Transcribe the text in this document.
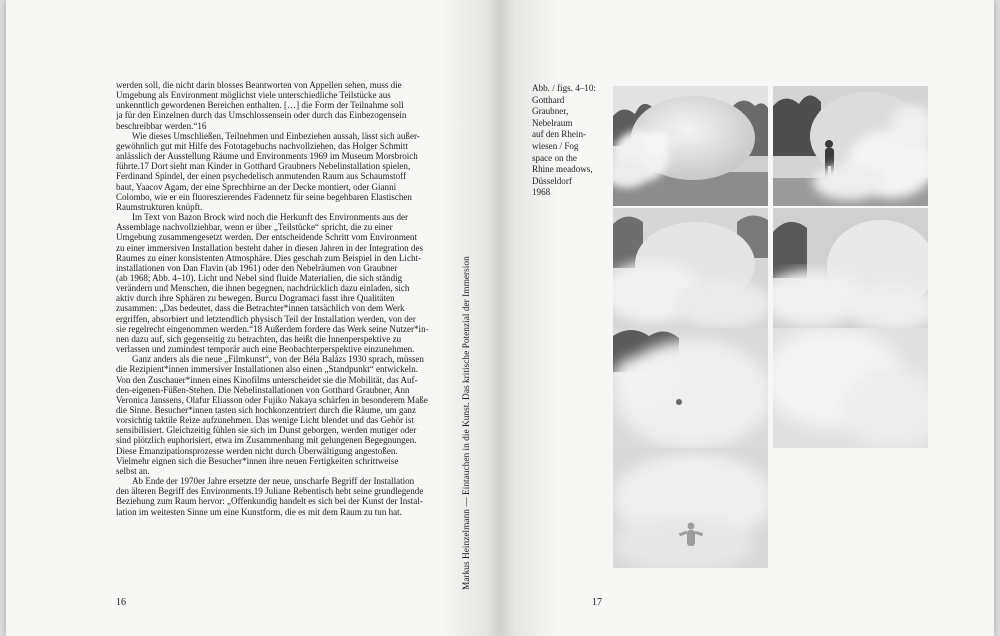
werden soll, die nicht darin blosses Beantworten von Appellen sehen, muss die
Umgebung als Environment möglichst viele unterschiedliche Teilstücke aus
unkenntlich gewordenen Bereichen enthalten. […] die Form der Teilnahme soll
ja für den Einzelnen durch das Umschlossensein oder durch das Einbezogensein
beschreibbar werden.“16
Wie dieses Umschließen, Teilnehmen und Einbeziehen aussah, lässt sich außer-
gewöhnlich gut mit Hilfe des Fototagebuchs nachvollziehen, das Holger Schmitt
anlässlich der Ausstellung Räume und Environments 1969 im Museum Morsbroich
führte.17 Dort sieht man Kinder in Gotthard Graubners Nebelinstallation spielen,
Ferdinand Spindel, der einen psychedelisch anmutenden Raum aus Schaumstoff
baut, Yaacov Agam, der eine Sprechbirne an der Decke montiert, oder Gianni
Colombo, wie er ein fluoreszierendes Fadennetz für seine begehbaren Elastischen
Raumstrukturen knüpft.
Im Text von Bazon Brock wird noch die Herkunft des Environments aus der
Assemblage nachvollziehbar, wenn er über „Teilstücke“ spricht, die zu einer
Umgebung zusammengesetzt werden. Der entscheidende Schritt vom Environment
zu einer immersiven Installation besteht daher in diesen Jahren in der Integration des
Raumes zu einer konsistenten Atmosphäre. Dies geschah zum Beispiel in den Licht-
installationen von Dan Flavin (ab 1961) oder den Nebelräumen von Graubner
(ab 1968; Abb. 4–10). Licht und Nebel sind fluide Materialien, die sich ständig
verändern und Menschen, die ihnen begegnen, nachdrücklich dazu einladen, sich
aktiv durch ihre Sphären zu bewegen. Burcu Dogramaci fasst ihre Qualitäten
zusammen: „Das bedeutet, dass die Betrachter*innen tatsächlich von dem Werk
ergriffen, absorbiert und letztendlich physisch Teil der Installation werden, von der
sie regelrecht eingenommen werden.“18 Außerdem fordere das Werk seine Nutzer*in-
nen dazu auf, sich gegenseitig zu betrachten, das heißt die Innenperspektive zu
verlassen und zumindest temporär auch eine Beobachterperspektive einzunehmen.
Ganz anders als die neue „Filmkunst“, von der Béla Balázs 1930 sprach, müssen
die Rezipient*innen immersiver Installationen also einen „Standpunkt“ entwickeln.
Von den Zuschauer*innen eines Kinofilms unterscheidet sie die Mobilität, das Auf-
den-eigenen-Füßen-Stehen. Die Nebelinstallationen von Gotthard Graubner, Ann
Veronica Janssens, Olafur Eliasson oder Fujiko Nakaya schärfen in besonderem Maße
die Sinne. Besucher*innen tasten sich hochkonzentriert durch die Räume, um ganz
vorsichtig taktile Reize aufzunehmen. Das wenige Licht blendet und das Gehör ist
sensibilisiert. Gleichzeitig fühlen sie sich im Dunst geborgen, werden mutiger oder
sind plötzlich euphorisiert, etwa im Zusammenhang mit gelungenen Begegnungen.
Diese Emanzipationsprozesse werden nicht durch Überwältigung angestoßen.
Vielmehr eignen sich die Besucher*innen ihre neuen Fertigkeiten schrittweise
selbst an.
Ab Ende der 1970er Jahre ersetzte der neue, unscharfe Begriff der Installation
den älteren Begriff des Environments.19 Juliane Rebentisch hebt seine grundlegende
Beziehung zum Raum hervor: „Offenkundig handelt es sich bei der Kunst der Instal-
lation im weitesten Sinne um eine Kunstform, die es mit dem Raum zu tun hat.
16	17
Markus Heinzelmann — Eintauchen in die Kunst. Das kritische Potenzial der Immersion
Abb. / figs. 4–10:
Gotthard
Graubner,
Nebelraum
auf den Rhein-
wiesen / Fog
space on the
Rhine meadows,
Düsseldorf
1968
